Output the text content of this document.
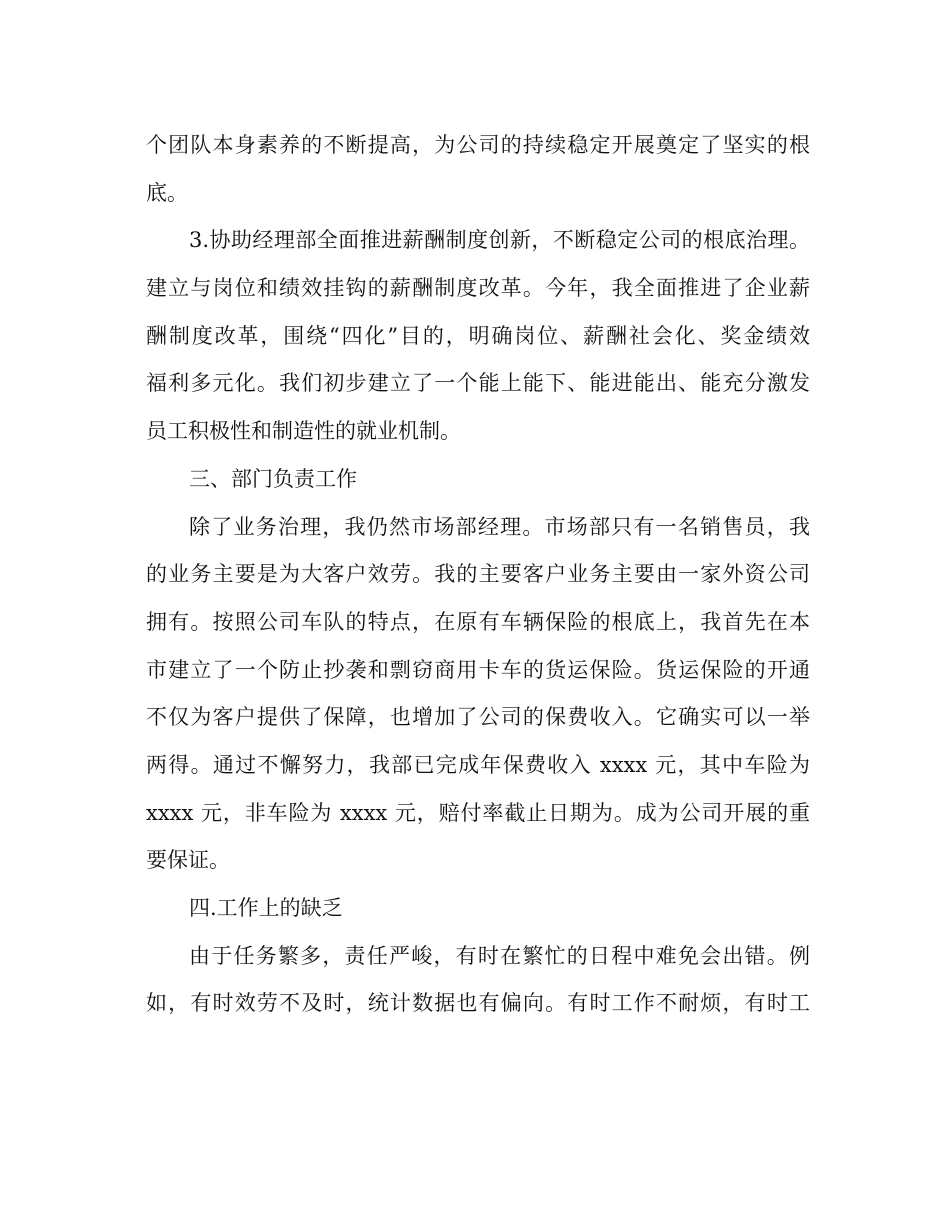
个团队本身素养的不断提高，为公司的持续稳定开展奠定了坚实的根
底。
3.协助经理部全面推进薪酬制度创新，不断稳定公司的根底治理。
建立与岗位和绩效挂钩的薪酬制度改革。今年，我全面推进了企业薪
酬制度改革，围绕“四化”目的，明确岗位、薪酬社会化、奖金绩效
福利多元化。我们初步建立了一个能上能下、能进能出、能充分激发
员工积极性和制造性的就业机制。
三、部门负责工作
除了业务治理，我仍然市场部经理。市场部只有一名销售员，我
的业务主要是为大客户效劳。我的主要客户业务主要由一家外资公司
拥有。按照公司车队的特点，在原有车辆保险的根底上，我首先在本
市建立了一个防止抄袭和剽窃商用卡车的货运保险。货运保险的开通
不仅为客户提供了保障，也增加了公司的保费收入。它确实可以一举
两得。通过不懈努力，我部已完成年保费收入 xxxx 元，其中车险为
xxxx 元，非车险为 xxxx 元，赔付率截止日期为。成为公司开展的重
要保证。
四.工作上的缺乏
由于任务繁多，责任严峻，有时在繁忙的日程中难免会出错。例
如，有时效劳不及时，统计数据也有偏向。有时工作不耐烦，有时工
